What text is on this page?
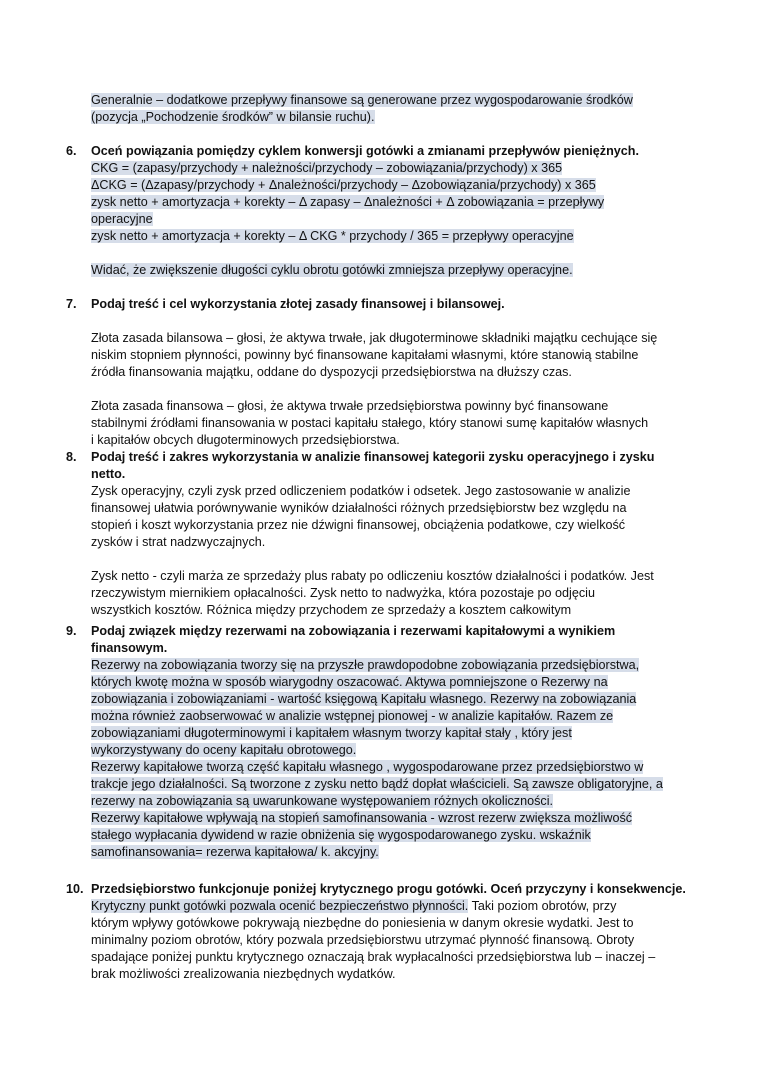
Generalnie – dodatkowe przepływy finansowe są generowane przez wygospodarowanie środków
(pozycja „Pochodzenie środków” w bilansie ruchu).
6. Oceń powiązania pomiędzy cyklem konwersji gotówki a zmianami przepływów pieniężnych.
CKG = (zapasy/przychody + należności/przychody – zobowiązania/przychody) x 365
ΔCKG = (Δzapasy/przychody + Δnależności/przychody – Δzobowiązania/przychody) x 365
zysk netto + amortyzacja + korekty – Δ zapasy – Δnależności + Δ zobowiązania = przepływy
operacyjne
zysk netto + amortyzacja + korekty – Δ CKG * przychody / 365 = przepływy operacyjne
Widać, że zwiększenie długości cyklu obrotu gotówki zmniejsza przepływy operacyjne.
7. Podaj treść i cel wykorzystania złotej zasady finansowej i bilansowej.
Złota zasada bilansowa – głosi, że aktywa trwałe, jak długoterminowe składniki majątku cechujące się
niskim stopniem płynności, powinny być finansowane kapitałami własnymi, które stanowią stabilne
źródła finansowania majątku, oddane do dyspozycji przedsiębiorstwa na dłuższy czas.
Złota zasada finansowa – głosi, że aktywa trwałe przedsiębiorstwa powinny być finansowane
stabilnymi źródłami finansowania w postaci kapitału stałego, który stanowi sumę kapitałów własnych
i kapitałów obcych długoterminowych przedsiębiorstwa.
8. Podaj treść i zakres wykorzystania w analizie finansowej kategorii zysku operacyjnego i zysku
netto.
Zysk operacyjny, czyli zysk przed odliczeniem podatków i odsetek. Jego zastosowanie w analizie
finansowej ułatwia porównywanie wyników działalności różnych przedsiębiorstw bez względu na
stopień i koszt wykorzystania przez nie dźwigni finansowej, obciążenia podatkowe, czy wielkość
zysków i strat nadzwyczajnych.
Zysk netto - czyli marża ze sprzedaży plus rabaty po odliczeniu kosztów działalności i podatków. Jest
rzeczywistym miernikiem opłacalności. Zysk netto to nadwyżka, która pozostaje po odjęciu
wszystkich kosztów. Różnica między przychodem ze sprzedaży a kosztem całkowitym
9. Podaj związek między rezerwami na zobowiązania i rezerwami kapitałowymi a wynikiem
finansowym.
Rezerwy na zobowiązania tworzy się na przyszłe prawdopodobne zobowiązania przedsiębiorstwa,
których kwotę można w sposób wiarygodny oszacować. Aktywa pomniejszone o Rezerwy na
zobowiązania i zobowiązaniami - wartość księgową Kapitału własnego. Rezerwy na zobowiązania
można również zaobserwować w analizie wstępnej pionowej - w analizie kapitałów. Razem ze
zobowiązaniami długoterminowymi i kapitałem własnym tworzy kapitał stały , który jest
wykorzystywany do oceny kapitału obrotowego.
Rezerwy kapitałowe tworzą część kapitału własnego , wygospodarowane przez przedsiębiorstwo w
trakcje jego działalności. Są tworzone z zysku netto bądź dopłat właścicieli. Są zawsze obligatoryjne, a
rezerwy na zobowiązania są uwarunkowane występowaniem różnych okoliczności.
Rezerwy kapitałowe wpływają na stopień samofinansowania - wzrost rezerw zwiększa możliwość
stałego wypłacania dywidend w razie obniżenia się wygospodarowanego zysku. wskaźnik
samofinansowania= rezerwa kapitałowa/ k. akcyjny.
10. Przedsiębiorstwo funkcjonuje poniżej krytycznego progu gotówki. Oceń przyczyny i konsekwencje.
Krytyczny punkt gotówki pozwala ocenić bezpieczeństwo płynności. Taki poziom obrotów, przy
którym wpływy gotówkowe pokrywają niezbędne do poniesienia w danym okresie wydatki. Jest to
minimalny poziom obrotów, który pozwala przedsiębiorstwu utrzymać płynność finansową. Obroty
spadające poniżej punktu krytycznego oznaczają brak wypłacalności przedsiębiorstwa lub – inaczej –
brak możliwości zrealizowania niezbędnych wydatków.
